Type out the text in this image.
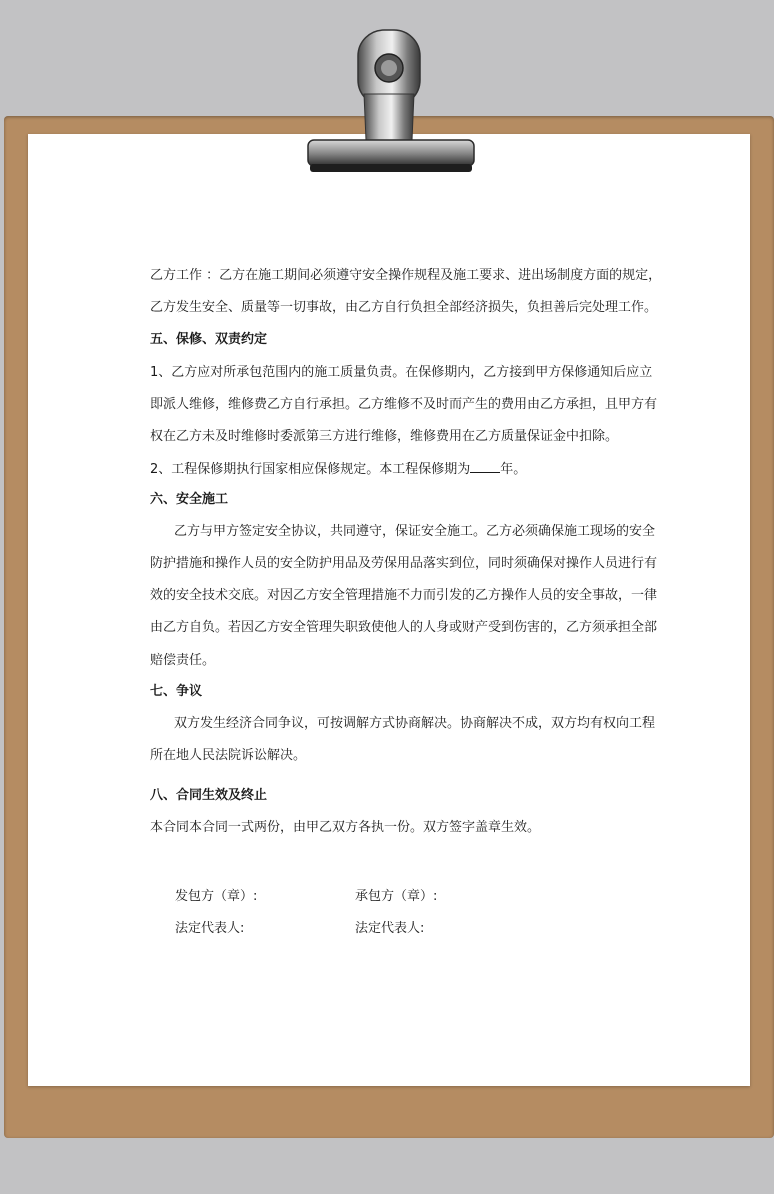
乙方工作 ：乙方在施工期间必须遵守安全操作规程及施工要求、进出场制度方面的规定，

乙方发生安全、质量等一切事故，由乙方自行负担全部经济损失，负担善后完处理工作。

五、保修、双责约定

1、乙方应对所承包范围内的施工质量负责。在保修期内，乙方接到甲方保修通知后应立

即派人维修，维修费乙方自行承担。乙方维修不及时而产生的费用由乙方承担，且甲方有

权在乙方未及时维修时委派第三方进行维修，维修费用在乙方质量保证金中扣除。

2、工程保修期执行国家相应保修规定。本工程保修期为 年。

六、安全施工

乙方与甲方签定安全协议，共同遵守，保证安全施工。乙方必须确保施工现场的安全

防护措施和操作人员的安全防护用品及劳保用品落实到位，同时须确保对操作人员进行有

效的安全技术交底。对因乙方安全管理措施不力而引发的乙方操作人员的安全事故，一律

由乙方自负。若因乙方安全管理失职致使他人的人身或财产受到伤害的，乙方须承担全部

赔偿责任。

七、争议

双方发生经济合同争议，可按调解方式协商解决。协商解决不成，双方均有权向工程

所在地人民法院诉讼解决。

八、合同生效及终止

本合同本合同一式两份，由甲乙双方各执一份。双方签字盖章生效。

发包方（章）:

法定代表人:

承包方（章）:

法定代表人:
